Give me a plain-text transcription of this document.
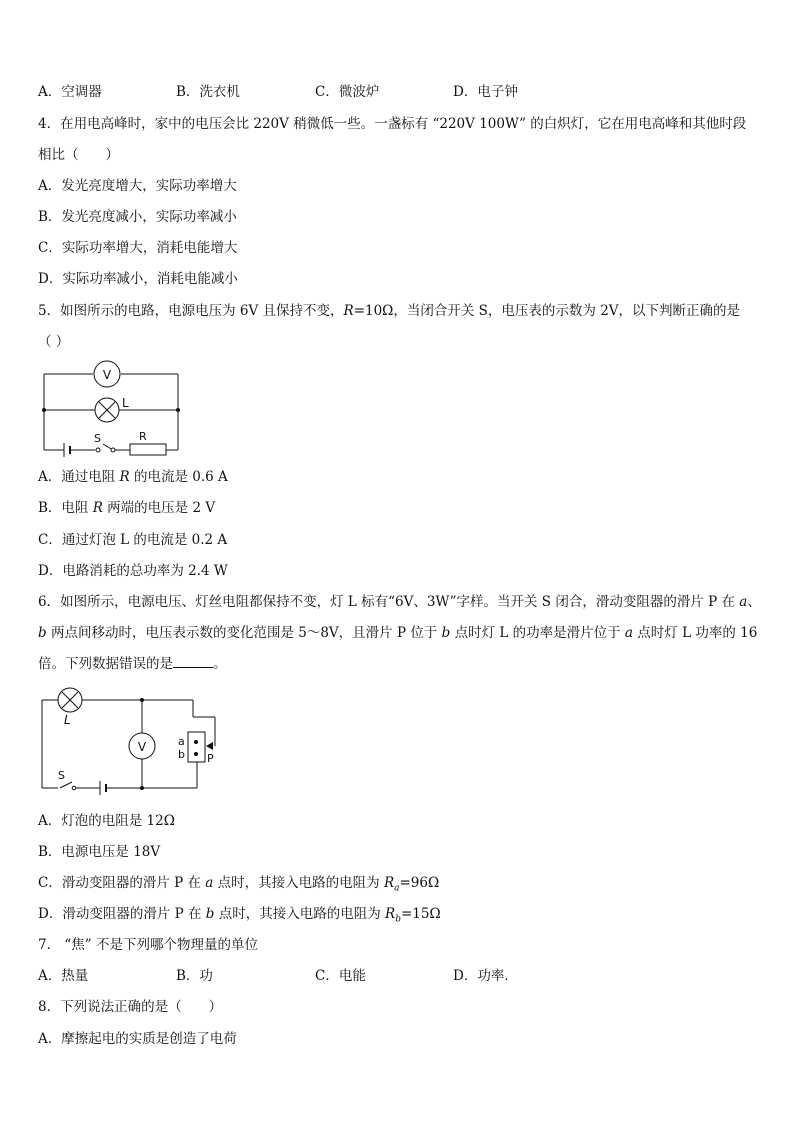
A．空调器	B．洗衣机	C．微波炉	D．电子钟
4．在用电高峰时，家中的电压会比 220V 稍微低一些。一盏标有 “220V 100W” 的白炽灯，它在用电高峰和其他时段
相比（　　）
A．发光亮度增大，实际功率增大
B．发光亮度减小，实际功率减小
C．实际功率增大，消耗电能增大
D．实际功率减小，消耗电能减小
5．如图所示的电路，电源电压为 6V 且保持不变，R=10Ω，当闭合开关 S，电压表的示数为 2V，以下判断正确的是
（ ）
V
L
S	R
A．通过电阻 R 的电流是 0.6 A
B．电阻 R 两端的电压是 2 V
C．通过灯泡 L 的电流是 0.2 A
D．电路消耗的总功率为 2.4 W
6．如图所示，电源电压、灯丝电阻都保持不变，灯 L 标有“6V、3W”字样。当开关 S 闭合，滑动变阻器的滑片 P 在 a、
b 两点间移动时，电压表示数的变化范围是 5～8V，且滑片 P 位于 b 点时灯 L 的功率是滑片位于 a 点时灯 L 功率的 16
倍。下列数据错误的是	。
L
V	a
b P
S
A．灯泡的电阻是 12Ω
B．电源电压是 18V
C．滑动变阻器的滑片 P 在 a 点时，其接入电路的电阻为 $R_a=96\Omega$
D．滑动变阻器的滑片 P 在 b 点时，其接入电路的电阻为 $R_b=15\Omega$
7． “焦” 不是下列哪个物理量的单位
A．热量	B．功	C．电能	D．功率．
8．下列说法正确的是（　　）
A．摩擦起电的实质是创造了电荷
